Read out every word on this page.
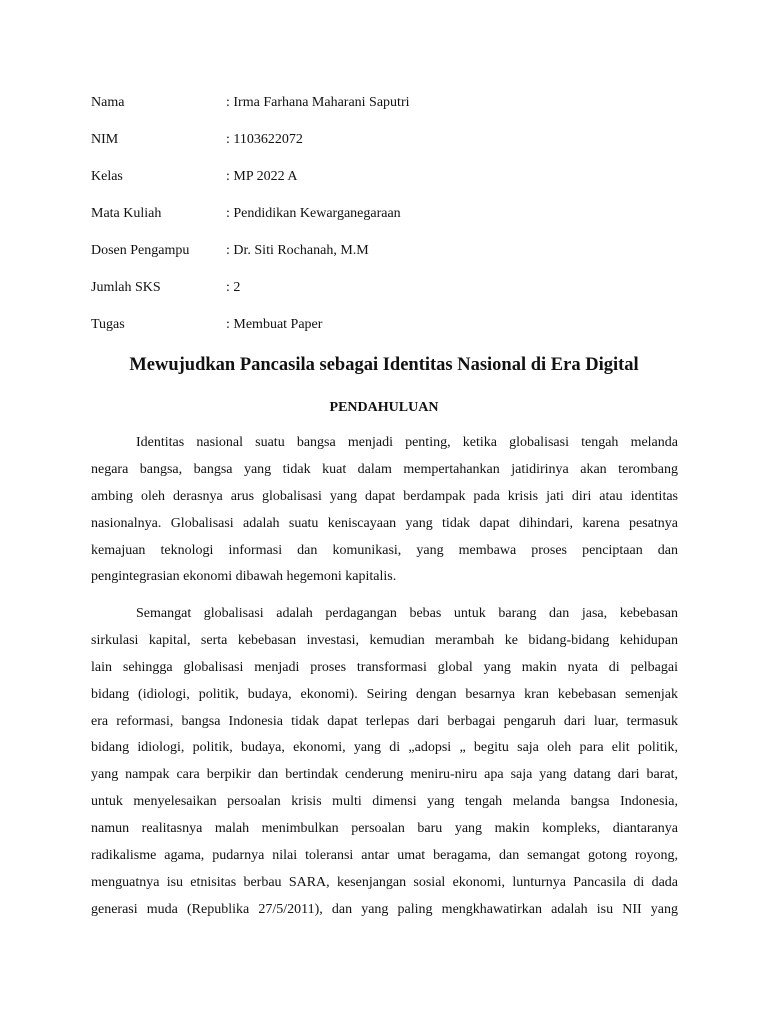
Nama	: Irma Farhana Maharani Saputri
NIM	: 1103622072
Kelas	: MP 2022 A
Mata Kuliah	: Pendidikan Kewarganegaraan
Dosen Pengampu	: Dr. Siti Rochanah, M.M
Jumlah SKS	: 2
Tugas	: Membuat Paper
Mewujudkan Pancasila sebagai Identitas Nasional di Era Digital
PENDAHULUAN
Identitas nasional suatu bangsa menjadi penting, ketika globalisasi tengah melanda
negara bangsa, bangsa yang tidak kuat dalam mempertahankan jatidirinya akan terombang
ambing oleh derasnya arus globalisasi yang dapat berdampak pada krisis jati diri atau identitas
nasionalnya. Globalisasi adalah suatu keniscayaan yang tidak dapat dihindari, karena pesatnya
kemajuan teknologi informasi dan komunikasi, yang membawa proses penciptaan dan
pengintegrasian ekonomi dibawah hegemoni kapitalis.
Semangat globalisasi adalah perdagangan bebas untuk barang dan jasa, kebebasan
sirkulasi kapital, serta kebebasan investasi, kemudian merambah ke bidang-bidang kehidupan
lain sehingga globalisasi menjadi proses transformasi global yang makin nyata di pelbagai
bidang (idiologi, politik, budaya, ekonomi). Seiring dengan besarnya kran kebebasan semenjak
era reformasi, bangsa Indonesia tidak dapat terlepas dari berbagai pengaruh dari luar, termasuk
bidang idiologi, politik, budaya, ekonomi, yang di „adopsi „ begitu saja oleh para elit politik,
yang nampak cara berpikir dan bertindak cenderung meniru-niru apa saja yang datang dari barat,
untuk menyelesaikan persoalan krisis multi dimensi yang tengah melanda bangsa Indonesia,
namun realitasnya malah menimbulkan persoalan baru yang makin kompleks, diantaranya
radikalisme agama, pudarnya nilai toleransi antar umat beragama, dan semangat gotong royong,
menguatnya isu etnisitas berbau SARA, kesenjangan sosial ekonomi, lunturnya Pancasila di dada
generasi muda (Republika 27/5/2011), dan yang paling mengkhawatirkan adalah isu NII yang
